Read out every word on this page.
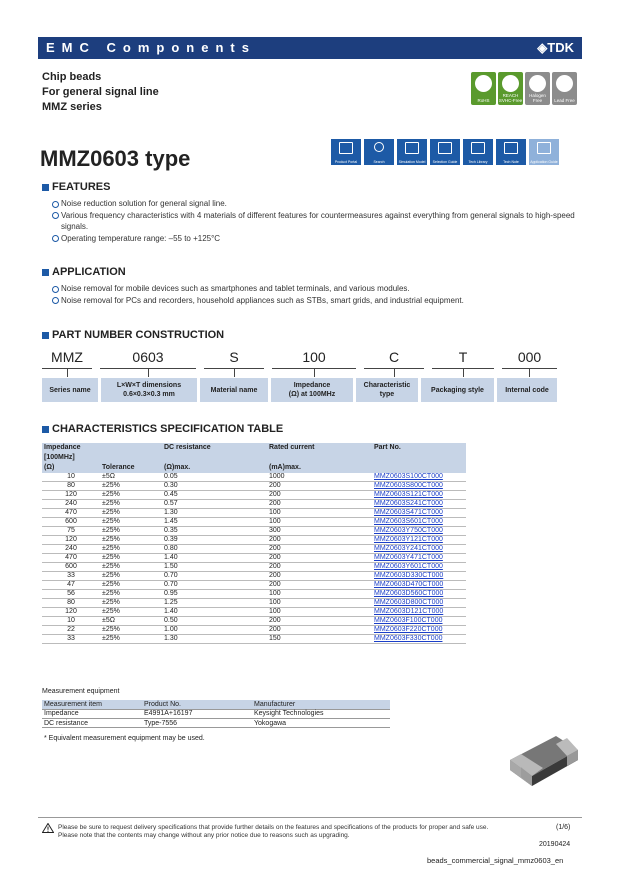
EMC Components	◈TDK
Chip beads
For general signal line
MMZ series
RoHS
REACH SVHC-Free
Halogen Free	Lead Free
MMZ0603 type	Product Portal	Search	Simulation Model	Selection Guide	Tech Library	Tech Note	Application Guide
FEATURES
Noise reduction solution for general signal line.
Various frequency characteristics with 4 materials of different features for countermeasures against everything from general signals to high-speed signals.
Operating temperature range: –55 to +125°C
APPLICATION
Noise removal for mobile devices such as smartphones and tablet terminals, and various modules.
Noise removal for PCs and recorders, household appliances such as STBs, smart grids, and industrial equipment.
PART NUMBER CONSTRUCTION
MMZ	0603	S	100	C	T	000
Series name
L×W×T dimensions
0.6×0.3×0.3 mm
Material name
Impedance
(Ω) at 100MHz
Characteristic
type
Packaging style	Internal code
CHARACTERISTICS SPECIFICATION TABLE
Impedance		DC resistance	Rated current	Part No.
[100MHz]				
(Ω)	Tolerance	(Ω)max.	(mA)max.	
10	±5Ω	0.05	1000	MMZ0603S100CT000
80	±25%	0.30	200	MMZ0603S800CT000
120	±25%	0.45	200	MMZ0603S121CT000
240	±25%	0.57	200	MMZ0603S241CT000
470	±25%	1.30	100	MMZ0603S471CT000
600	±25%	1.45	100	MMZ0603S601CT000
75	±25%	0.35	300	MMZ0603Y750CT000
120	±25%	0.39	200	MMZ0603Y121CT000
240	±25%	0.80	200	MMZ0603Y241CT000
470	±25%	1.40	200	MMZ0603Y471CT000
600	±25%	1.50	200	MMZ0603Y601CT000
33	±25%	0.70	200	MMZ0603D330CT000
47	±25%	0.70	200	MMZ0603D470CT000
56	±25%	0.95	100	MMZ0603D560CT000
80	±25%	1.25	100	MMZ0603D800CT000
120	±25%	1.40	100	MMZ0603D121CT000
10	±5Ω	0.50	200	MMZ0603F100CT000
22	±25%	1.00	200	MMZ0603F220CT000
33	±25%	1.30	150	MMZ0603F330CT000
Measurement equipment
Measurement item	Product No.	Manufacturer
Impedance	E4991A+16197	Keysight Technologies
DC resistance	Type-7556	Yokogawa
* Equivalent measurement equipment may be used.
Please be sure to request delivery specifications that provide further details on the features and specifications of the products for proper and safe use.
Please note that the contents may change without any prior notice due to reasons such as upgrading.
(1/6)
20190424
beads_commercial_signal_mmz0603_en
